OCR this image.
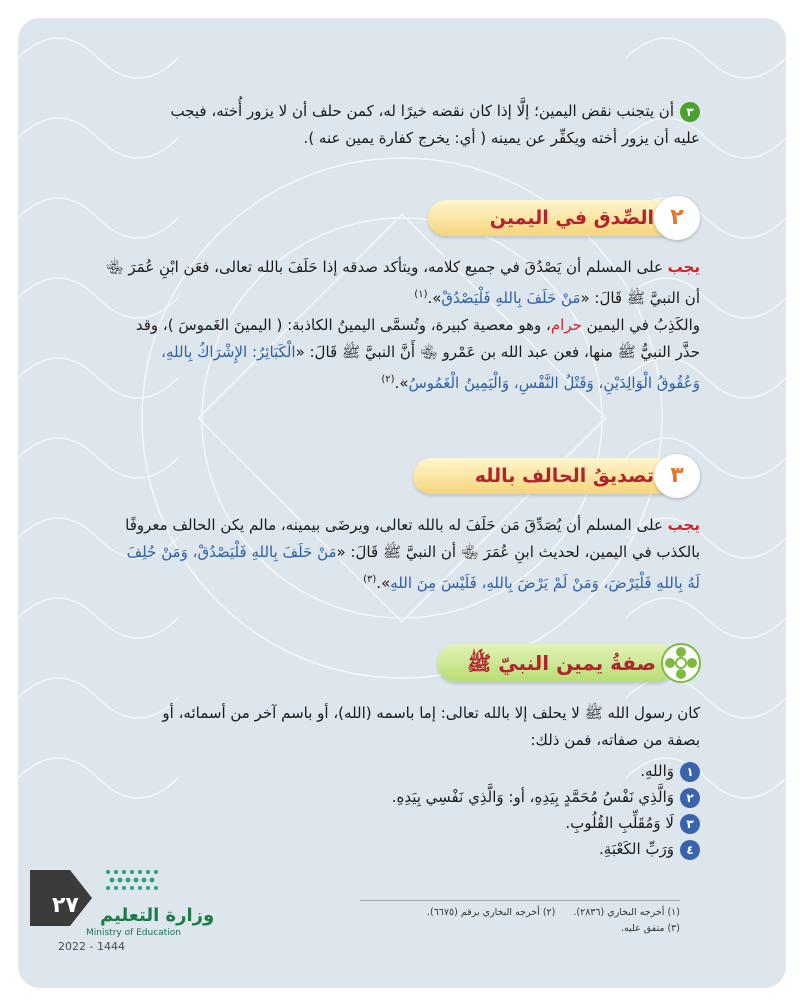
٣أن يتجنب نقض اليمين؛ إلَّا إذا كان نقضه خيرًا له، كمن حلف أن لا يزور أُخته، فيجب

عليه أن يزور أخته ويكفِّر عن يمينه ( أي: يخرج كفارة يمين عنه ).

الصِّدق في اليمين ٢

يجب على المسلم أن يَصْدُقَ في جميع كلامه، ويتأكد صدقه إذا حَلَفَ بالله تعالى، فعَن ابْنِ عُمَرَ ﵄

أن النبيَّ ﷺ قَالَ: «مَنْ حَلَفَ بِاللهِ فَلْيَصْدُقْ».$^{(١)}$

والكَذِبُ في اليمين حرام، وهو معصية كبيرة، وتُسمَّى اليمينُ الكاذبة: ( اليمينَ الغَموسَ )، وقد

حذَّر النبيُّ ﷺ منها، فعن عبد الله بن عَمْرو ﵄ أَنَّ النبيَّ ﷺ قَالَ: «الْكَبَائِرُ: الإِشْرَاكُ بِاللهِ،

وَعُقُوقُ الْوَالِدَيْنِ، وَقَتْلُ النَّفْسِ، وَالْيَمِينُ الْغَمُوسُ».$^{(٢)}$

تصديقُ الحالف بالله ٣

يجب على المسلم أن يُصَدِّقَ مَن حَلَفَ له بالله تعالى، ويرضَى بيمينه، مالم يكن الحالف معروفًا

بالكذب في اليمين، لحديث ابنِ عُمَرَ ﵄ أن النبيَّ ﷺ قَالَ: «مَنْ حَلَفَ بِاللهِ فَلْيَصْدُقْ، وَمَنْ حُلِفَ

لَهُ بِاللهِ فَلْيَرْضَ، وَمَنْ لَمْ يَرْضَ بِاللهِ، فَلَيْسَ مِنَ اللهِ».$^{(٣)}$

صفةُ يمين النبيّ ﷺ

كان رسول الله ﷺ لا يحلف إلا بالله تعالى: إما باسمه (الله)، أو باسم آخر من أسمائه، أو

بصفة من صفاته، فمن ذلك:

١وَاللهِ.
٢وَالَّذِي نَفْسُ مُحَمَّدٍ بِيَدِهِ، أو: وَالَّذِي نَفْسِي بِيَدِهِ.
٣لَا وَمُقَلِّبِ القُلُوبِ.
٤وَرَبِّ الكَعْبَةِ.
(١) أخرجه البخاري (٢٨٣٦).(٢) أخرجه البخاري برقم (٦٦٧٥).
(٣) متفق عليه.
٢٧ وزارة التعليم
Ministry of Education
2022 - 1444
